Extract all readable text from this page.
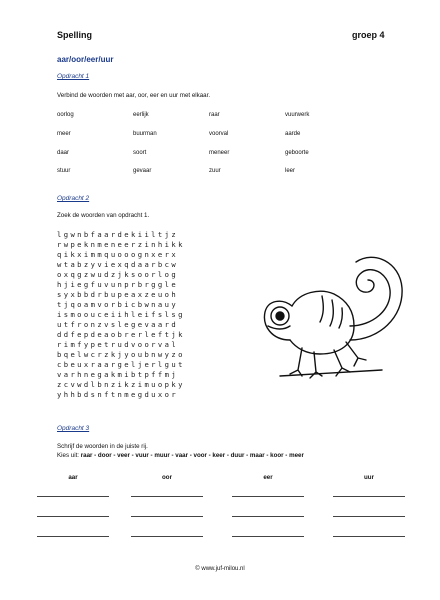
Spelling	groep 4
aar/oor/eer/uur
Opdracht 1
Verbind de woorden met aar, oor, eer en uur met elkaar.
oorlog	eerlijk	raar	vuurwerk
meer	buurman	voorval	aarde
daar	soort	meneer	geboorte
stuur	gevaar	zuur	leer
Opdracht 2
Zoek de woorden van opdracht 1.
lgwnbfaardekiiltjz
rwpeknmeneerzinhikk
qikximmquooognxerx
wtabzyviexqdaarbcw
oxqgzwudzjksoorlog
hjiegfuvunprbrggle
syxbbdrbupeaxzeuoh
tjqoamvorbicbwnauy
ismoouceiihleifslsg
utfronzvslegevaard
ddfepdeaobrerleftjk
rimfypetrudvoorval
bqelwcrzkjyoubnwyzo
cbeuxraargeljerlgut
varhnegakmibtpffmj
zcvwdlbnzikzimuopky
yhhbdsnftnmegduxor
Opdracht 3
Schrijf de woorden in de juiste rij.
Kies uit: raar - door - veer - vuur - muur - vaar - voor - keer - duur - maar - koor - meer
aar	oor	eer	uur
© www.juf-milou.nl
